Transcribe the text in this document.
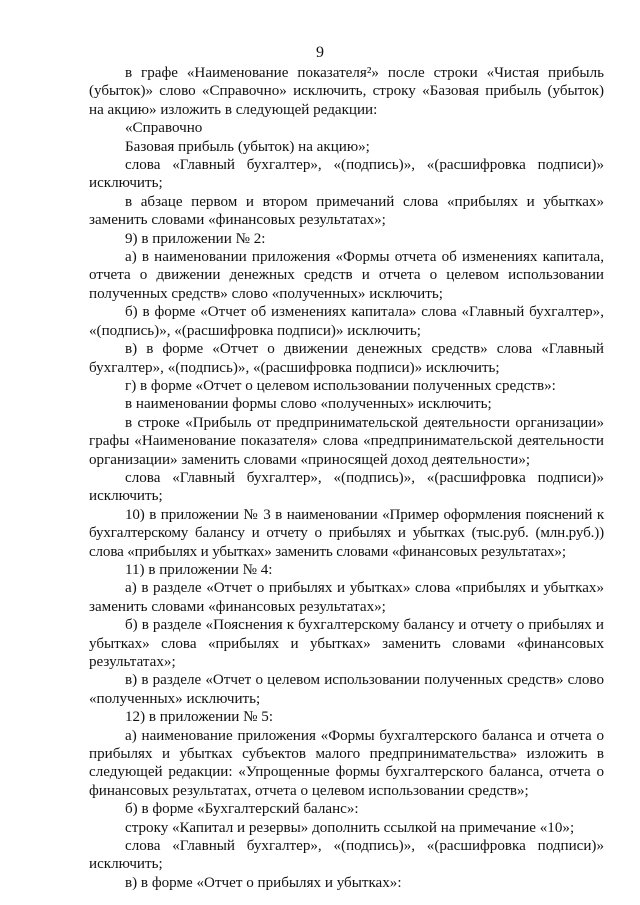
9

в графе «Наименование показателя²» после строки «Чистая прибыль (убыток)» слово «Справочно» исключить, строку «Базовая прибыль (убыток) на акцию» изложить в следующей редакции:

«Справочно

Базовая прибыль (убыток) на акцию»;

слова «Главный бухгалтер», «(подпись)», «(расшифровка подписи)» исключить;

в абзаце первом и втором примечаний слова «прибылях и убытках» заменить словами «финансовых результатах»;

9) в приложении № 2:

а) в наименовании приложения «Формы отчета об изменениях капитала, отчета о движении денежных средств и отчета о целевом использовании полученных средств» слово «полученных» исключить;

б) в форме «Отчет об изменениях капитала» слова «Главный бухгалтер», «(подпись)», «(расшифровка подписи)» исключить;

в) в форме «Отчет о движении денежных средств» слова «Главный бухгалтер», «(подпись)», «(расшифровка подписи)» исключить;

г) в форме «Отчет о целевом использовании полученных средств»:

в наименовании формы слово «полученных» исключить;

в строке «Прибыль от предпринимательской деятельности организации» графы «Наименование показателя» слова «предпринимательской деятельности организации» заменить словами «приносящей доход деятельности»;

слова «Главный бухгалтер», «(подпись)», «(расшифровка подписи)» исключить;

10) в приложении № 3 в наименовании «Пример оформления пояснений к бухгалтерскому балансу и отчету о прибылях и убытках (тыс.руб. (млн.руб.)) слова «прибылях и убытках» заменить словами «финансовых результатах»;

11) в приложении № 4:

а) в разделе «Отчет о прибылях и убытках» слова «прибылях и убытках» заменить словами «финансовых результатах»;

б) в разделе «Пояснения к бухгалтерскому балансу и отчету о прибылях и убытках» слова «прибылях и убытках» заменить словами «финансовых результатах»;

в) в разделе «Отчет о целевом использовании полученных средств» слово «полученных» исключить;

12) в приложении № 5:

а) наименование приложения «Формы бухгалтерского баланса и отчета о прибылях и убытках субъектов малого предпринимательства» изложить в следующей редакции: «Упрощенные формы бухгалтерского баланса, отчета о финансовых результатах, отчета о целевом использовании средств»;

б) в форме «Бухгалтерский баланс»:

строку «Капитал и резервы» дополнить ссылкой на примечание «10»;

слова «Главный бухгалтер», «(подпись)», «(расшифровка подписи)» исключить;

в) в форме «Отчет о прибылях и убытках»:
